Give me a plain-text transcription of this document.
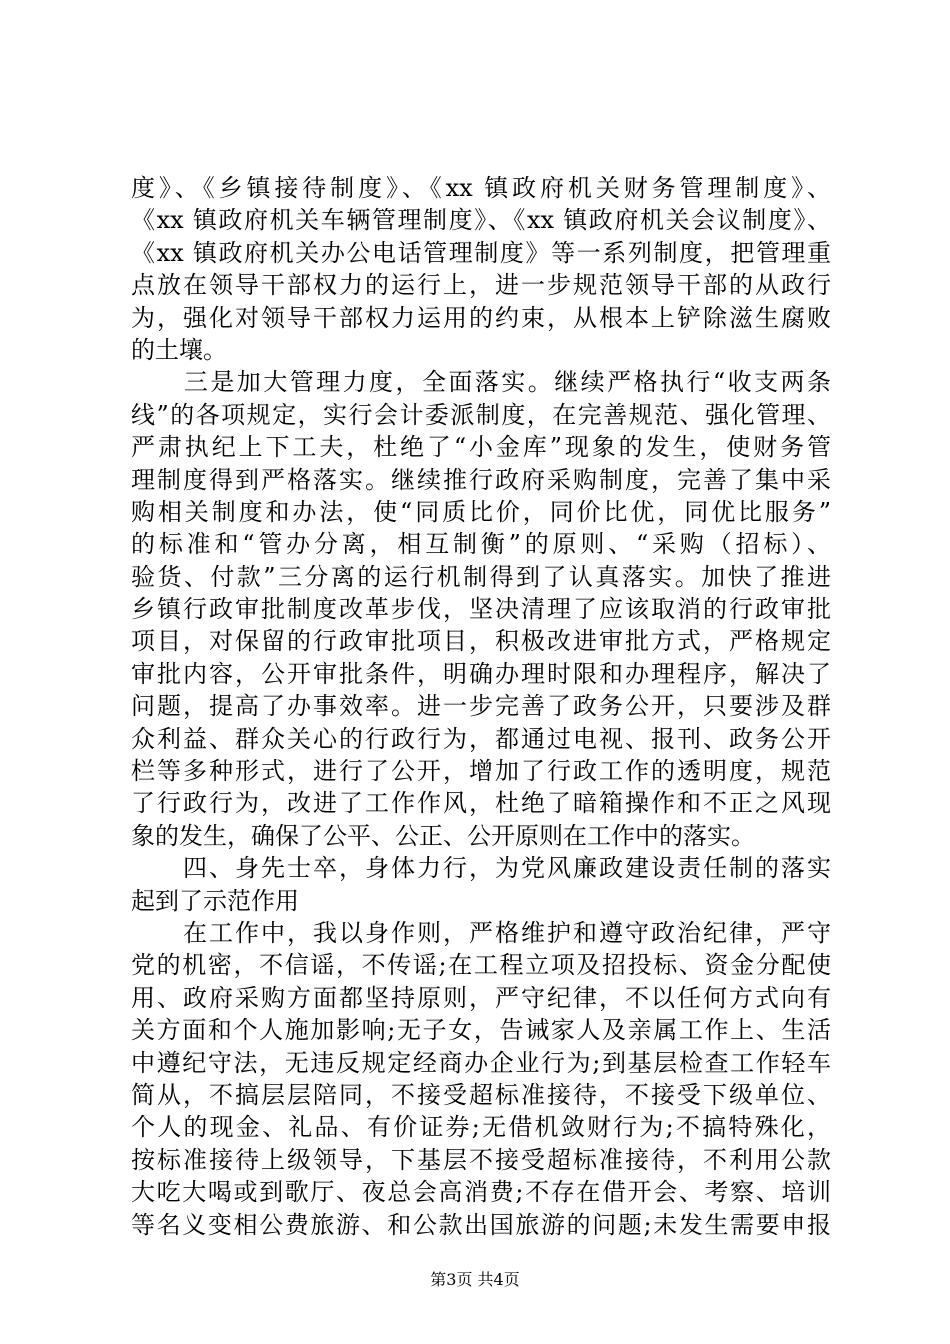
度》、《乡镇接待制度》、《xx 镇政府机关财务管理制度》、
《xx 镇政府机关车辆管理制度》、《xx 镇政府机关会议制度》、
《xx 镇政府机关办公电话管理制度》等一系列制度，把管理重
点放在领导干部权力的运行上，进一步规范领导干部的从政行
为，强化对领导干部权力运用的约束，从根本上铲除滋生腐败
的土壤。
　　三是加大管理力度，全面落实。继续严格执行“收支两条
线”的各项规定，实行会计委派制度，在完善规范、强化管理、
严肃执纪上下工夫，杜绝了“小金库”现象的发生，使财务管
理制度得到严格落实。继续推行政府采购制度，完善了集中采
购相关制度和办法，使“同质比价，同价比优，同优比服务”
的标准和“管办分离，相互制衡”的原则、“采购（招标）、
验货、付款”三分离的运行机制得到了认真落实。加快了推进
乡镇行政审批制度改革步伐，坚决清理了应该取消的行政审批
项目，对保留的行政审批项目，积极改进审批方式，严格规定
审批内容，公开审批条件，明确办理时限和办理程序，解决了
问题，提高了办事效率。进一步完善了政务公开，只要涉及群
众利益、群众关心的行政行为，都通过电视、报刊、政务公开
栏等多种形式，进行了公开，增加了行政工作的透明度，规范
了行政行为，改进了工作作风，杜绝了暗箱操作和不正之风现
象的发生，确保了公平、公正、公开原则在工作中的落实。
　　四、身先士卒，身体力行，为党风廉政建设责任制的落实
起到了示范作用
　　在工作中，我以身作则，严格维护和遵守政治纪律，严守
党的机密，不信谣，不传谣;在工程立项及招投标、资金分配使
用、政府采购方面都坚持原则，严守纪律，不以任何方式向有
关方面和个人施加影响;无子女，告诫家人及亲属工作上、生活
中遵纪守法，无违反规定经商办企业行为;到基层检查工作轻车
简从，不搞层层陪同，不接受超标准接待，不接受下级单位、
个人的现金、礼品、有价证券;无借机敛财行为;不搞特殊化，
按标准接待上级领导，下基层不接受超标准接待，不利用公款
大吃大喝或到歌厅、夜总会高消费;不存在借开会、考察、培训
等名义变相公费旅游、和公款出国旅游的问题;未发生需要申报
第3页 共4页
